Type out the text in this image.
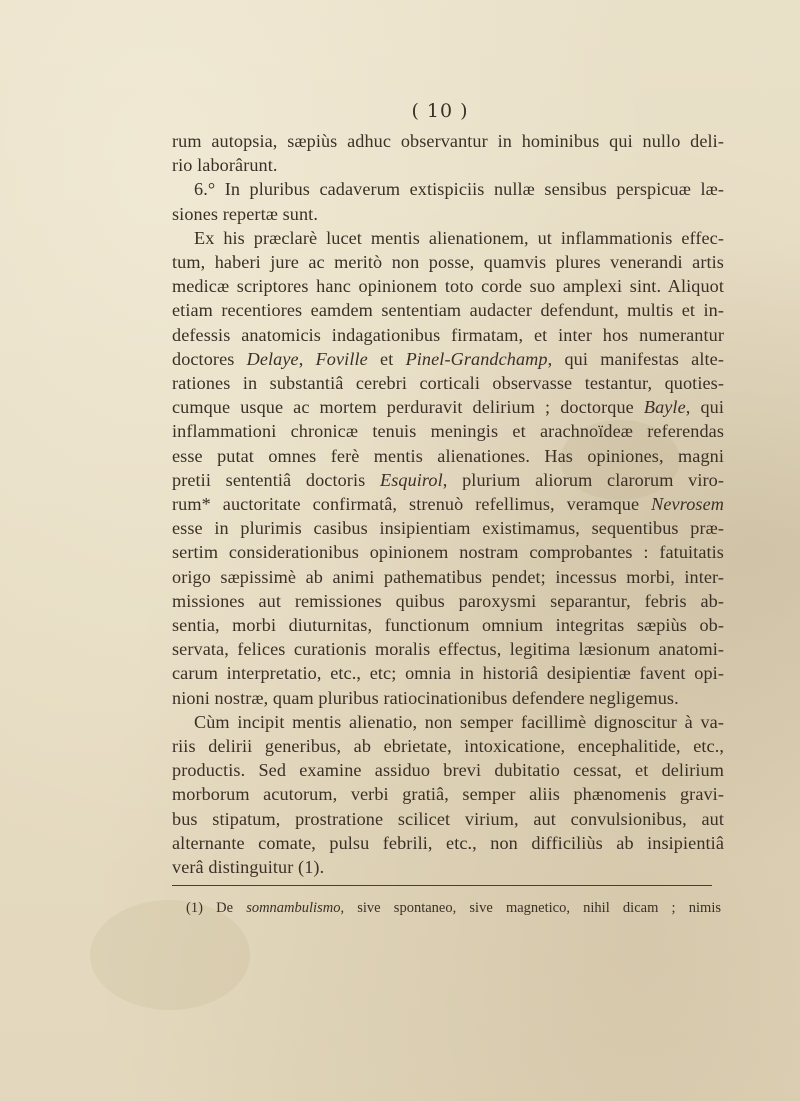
( 10 )
rum autopsia, sæpiùs adhuc observantur in hominibus qui nullo deli-
rio laborârunt.
6.° In pluribus cadaverum extispiciis nullæ sensibus perspicuæ læ-
siones repertæ sunt.
Ex his præclarè lucet mentis alienationem, ut inflammationis effec-
tum, haberi jure ac meritò non posse, quamvis plures venerandi artis
medicæ scriptores hanc opinionem toto corde suo amplexi sint. Aliquot
etiam recentiores eamdem sententiam audacter defendunt, multis et in-
defessis anatomicis indagationibus firmatam, et inter hos numerantur
doctores Delaye, Foville et Pinel-Grandchamp, qui manifestas alte-
rationes in substantiâ cerebri corticali observasse testantur, quoties-
cumque usque ac mortem perduravit delirium ; doctorque Bayle, qui
inflammationi chronicæ tenuis meningis et arachnoïdeæ referendas
esse putat omnes ferè mentis alienationes. Has opiniones, magni
pretii sententiâ doctoris Esquirol, plurium aliorum clarorum viro-
rum* auctoritate confirmatâ, strenuò refellimus, veramque Nevrosem
esse in plurimis casibus insipientiam existimamus, sequentibus præ-
sertim considerationibus opinionem nostram comprobantes : fatuitatis
origo sæpissimè ab animi pathematibus pendet; incessus morbi, inter-
missiones aut remissiones quibus paroxysmi separantur, febris ab-
sentia, morbi diuturnitas, functionum omnium integritas sæpiùs ob-
servata, felices curationis moralis effectus, legitima læsionum anatomi-
carum interpretatio, etc., etc; omnia in historiâ desipientiæ favent opi-
nioni nostræ, quam pluribus ratiocinationibus defendere negligemus.
Cùm incipit mentis alienatio, non semper facillimè dignoscitur à va-
riis delirii generibus, ab ebrietate, intoxicatione, encephalitide, etc.,
productis. Sed examine assiduo brevi dubitatio cessat, et delirium
morborum acutorum, verbi gratiâ, semper aliis phænomenis gravi-
bus stipatum, prostratione scilicet virium, aut convulsionibus, aut
alternante comate, pulsu febrili, etc., non difficiliùs ab insipientiâ
verâ distinguitur (1).
(1) De somnambulismo, sive spontaneo, sive magnetico, nihil dicam ; nimis
